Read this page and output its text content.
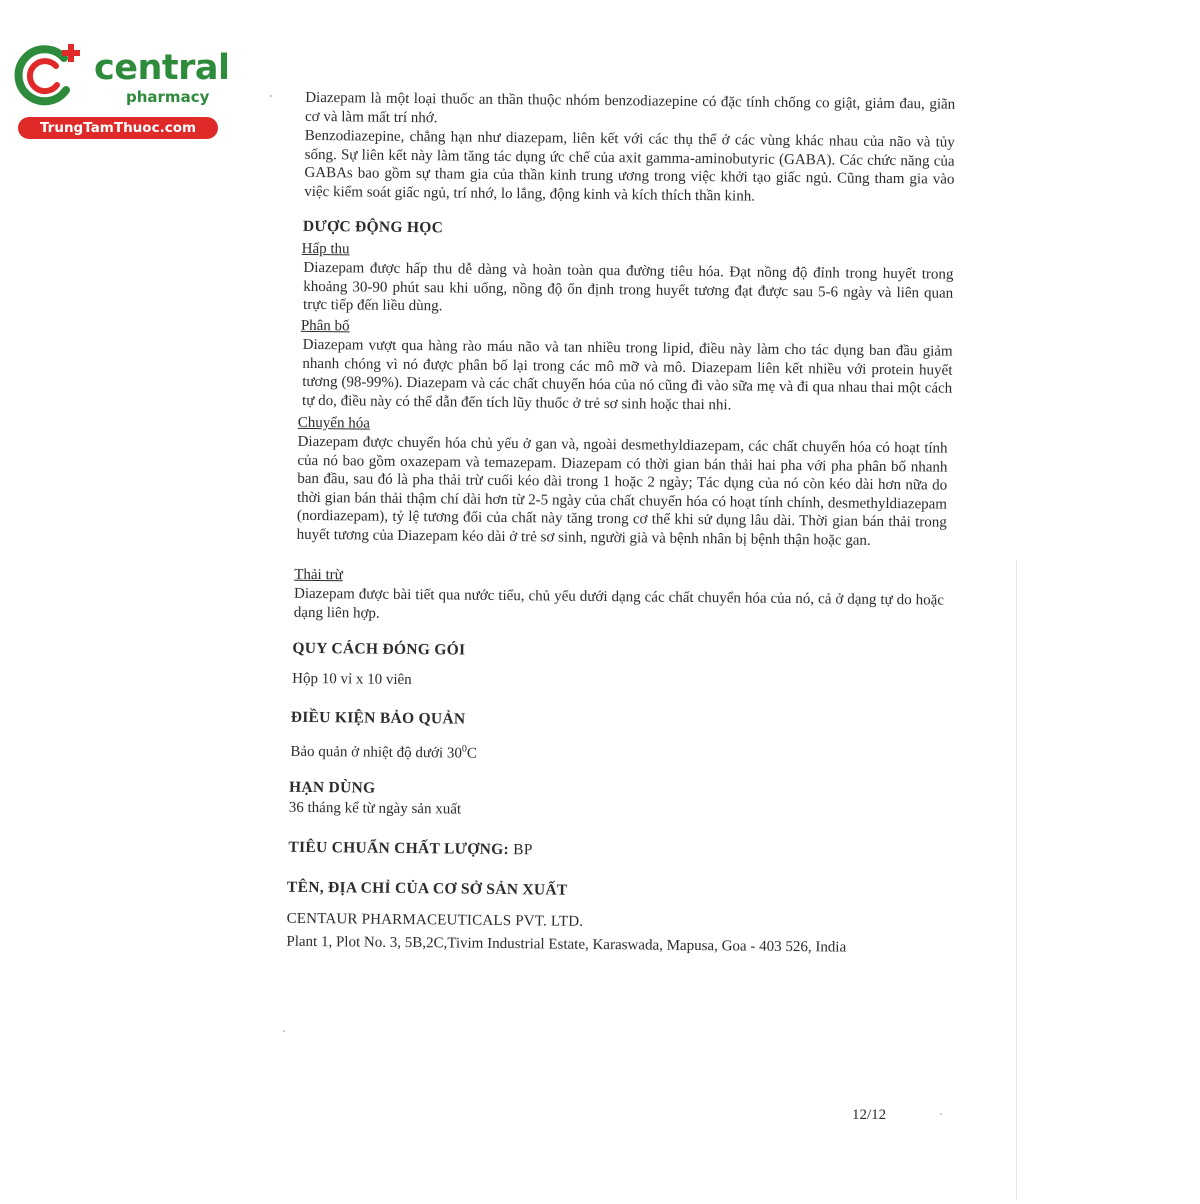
central
pharmacy
TrungTamThuoc.com

Diazepam là một loại thuốc an thần thuộc nhóm benzodiazepine có đặc tính chống co giật, giảm đau, giãn cơ và làm mất trí nhớ.

Benzodiazepine, chẳng hạn như diazepam, liên kết với các thụ thể ở các vùng khác nhau của não và tủy sống. Sự liên kết này làm tăng tác dụng ức chế của axit gamma-aminobutyric (GABA). Các chức năng của GABAs bao gồm sự tham gia của thần kinh trung ương trong việc khởi tạo giấc ngủ. Cũng tham gia vào việc kiểm soát giấc ngủ, trí nhớ, lo lắng, động kinh và kích thích thần kinh.

DƯỢC ĐỘNG HỌC
Hấp thu

Diazepam được hấp thu dễ dàng và hoàn toàn qua đường tiêu hóa. Đạt nồng độ đỉnh trong huyết trong khoảng 30-90 phút sau khi uống, nồng độ ổn định trong huyết tương đạt được sau 5-6 ngày và liên quan trực tiếp đến liều dùng.

Phân bố

Diazepam vượt qua hàng rào máu não và tan nhiều trong lipid, điều này làm cho tác dụng ban đầu giảm nhanh chóng vì nó được phân bố lại trong các mô mỡ và mô. Diazepam liên kết nhiều với protein huyết tương (98-99%). Diazepam và các chất chuyển hóa của nó cũng đi vào sữa mẹ và đi qua nhau thai một cách tự do, điều này có thể dẫn đến tích lũy thuốc ở trẻ sơ sinh hoặc thai nhi.

Chuyển hóa

Diazepam được chuyển hóa chủ yếu ở gan và, ngoài desmethyldiazepam, các chất chuyển hóa có hoạt tính của nó bao gồm oxazepam và temazepam. Diazepam có thời gian bán thải hai pha với pha phân bố nhanh ban đầu, sau đó là pha thải trừ cuối kéo dài trong 1 hoặc 2 ngày; Tác dụng của nó còn kéo dài hơn nữa do thời gian bán thải thậm chí dài hơn từ 2-5 ngày của chất chuyển hóa có hoạt tính chính, desmethyldiazepam (nordiazepam), tỷ lệ tương đối của chất này tăng trong cơ thể khi sử dụng lâu dài. Thời gian bán thải trong huyết tương của Diazepam kéo dài ở trẻ sơ sinh, người già và bệnh nhân bị bệnh thận hoặc gan.

Thải trừ

Diazepam được bài tiết qua nước tiểu, chủ yếu dưới dạng các chất chuyển hóa của nó, cả ở dạng tự do hoặc dạng liên hợp.

QUY CÁCH ĐÓNG GÓI
Hộp 10 vỉ x 10 viên
ĐIỀU KIỆN BẢO QUẢN
Bảo quản ở nhiệt độ dưới $30^0C$
HẠN DÙNG
36 tháng kể từ ngày sản xuất
TIÊU CHUẨN CHẤT LƯỢNG: BP
TÊN, ĐỊA CHỈ CỦA CƠ SỞ SẢN XUẤT
CENTAUR PHARMACEUTICALS PVT. LTD.
Plant 1, Plot No. 3, 5B,2C,Tivim Industrial Estate, Karaswada, Mapusa, Goa - 403 526, India
12/12
